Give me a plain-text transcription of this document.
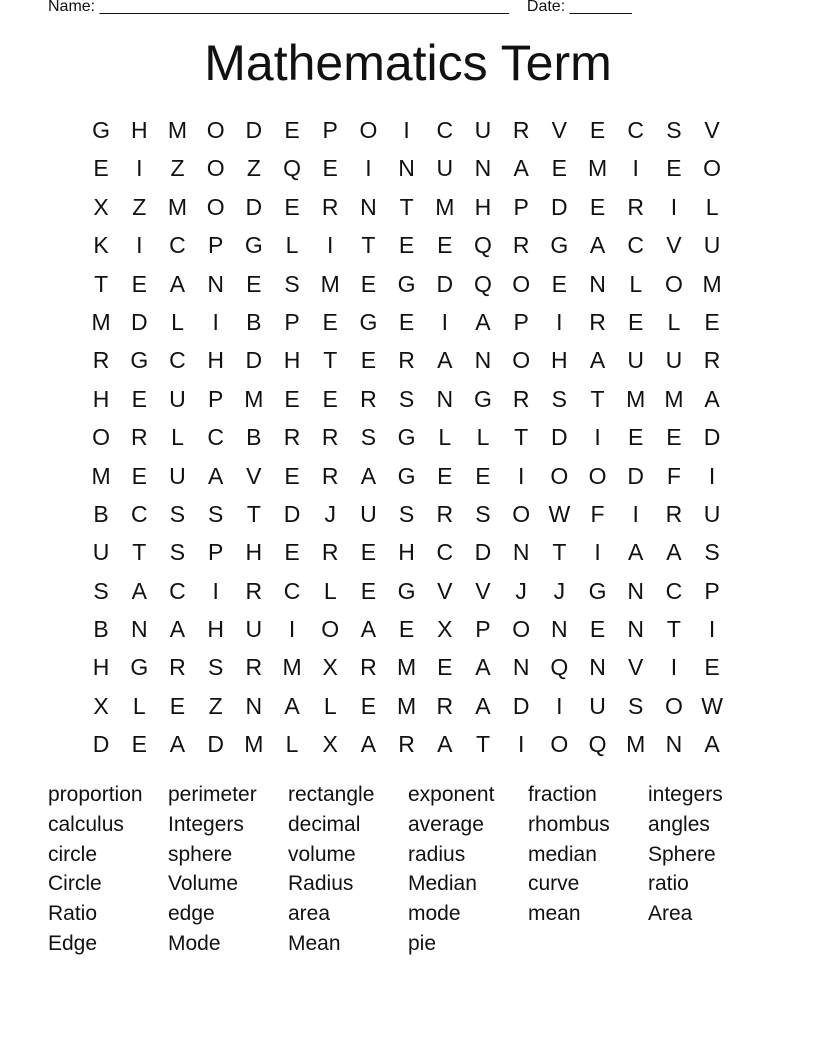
Name: ______________________________________________ Date: _______
Mathematics Term
G H M O D E P O	I	C U R V E C S V
E	I	Z O Z Q E	I	N U N A E M	I	E O
X	Z M O D E R N T M H P D E R	I	L
K	I	C P G L	I	T	E E Q R G A C V U
T	E A N E S M E G D Q O E N	L O M
M D	L	I	B P E G E	I	A P	I	R E	L	E
R G C H D H T	E R A N O H A U U R
H E U P M E E R S N G R S	T M M A
O R	L	C B R R S G L	L	T D	I	E E D
M E U A V E R A G E E	I	O O D F	I
B C S S	T D	J	U S R S O W F	I	R U
U T	S P H E R E H C D N T	I	A A S
S A C	I	R C	L	E G V V	J	J	G N C P
B N A H U	I	O A E X P O N E N T	I
H G R S R M X R M E A N Q N V	I	E
X	L	E	Z N A	L	E M R A D	I	U S O W
D E A D M L	X A R A	T	I	O Q M N A
proportion	perimeter	rectangle	exponent	fraction	integers
calculus	Integers	decimal	average	rhombus	angles
circle	sphere	volume	radius	median	Sphere
Circle	Volume	Radius	Median	curve	ratio
Ratio	edge	area	mode	mean	Area
Edge	Mode	Mean	pie
